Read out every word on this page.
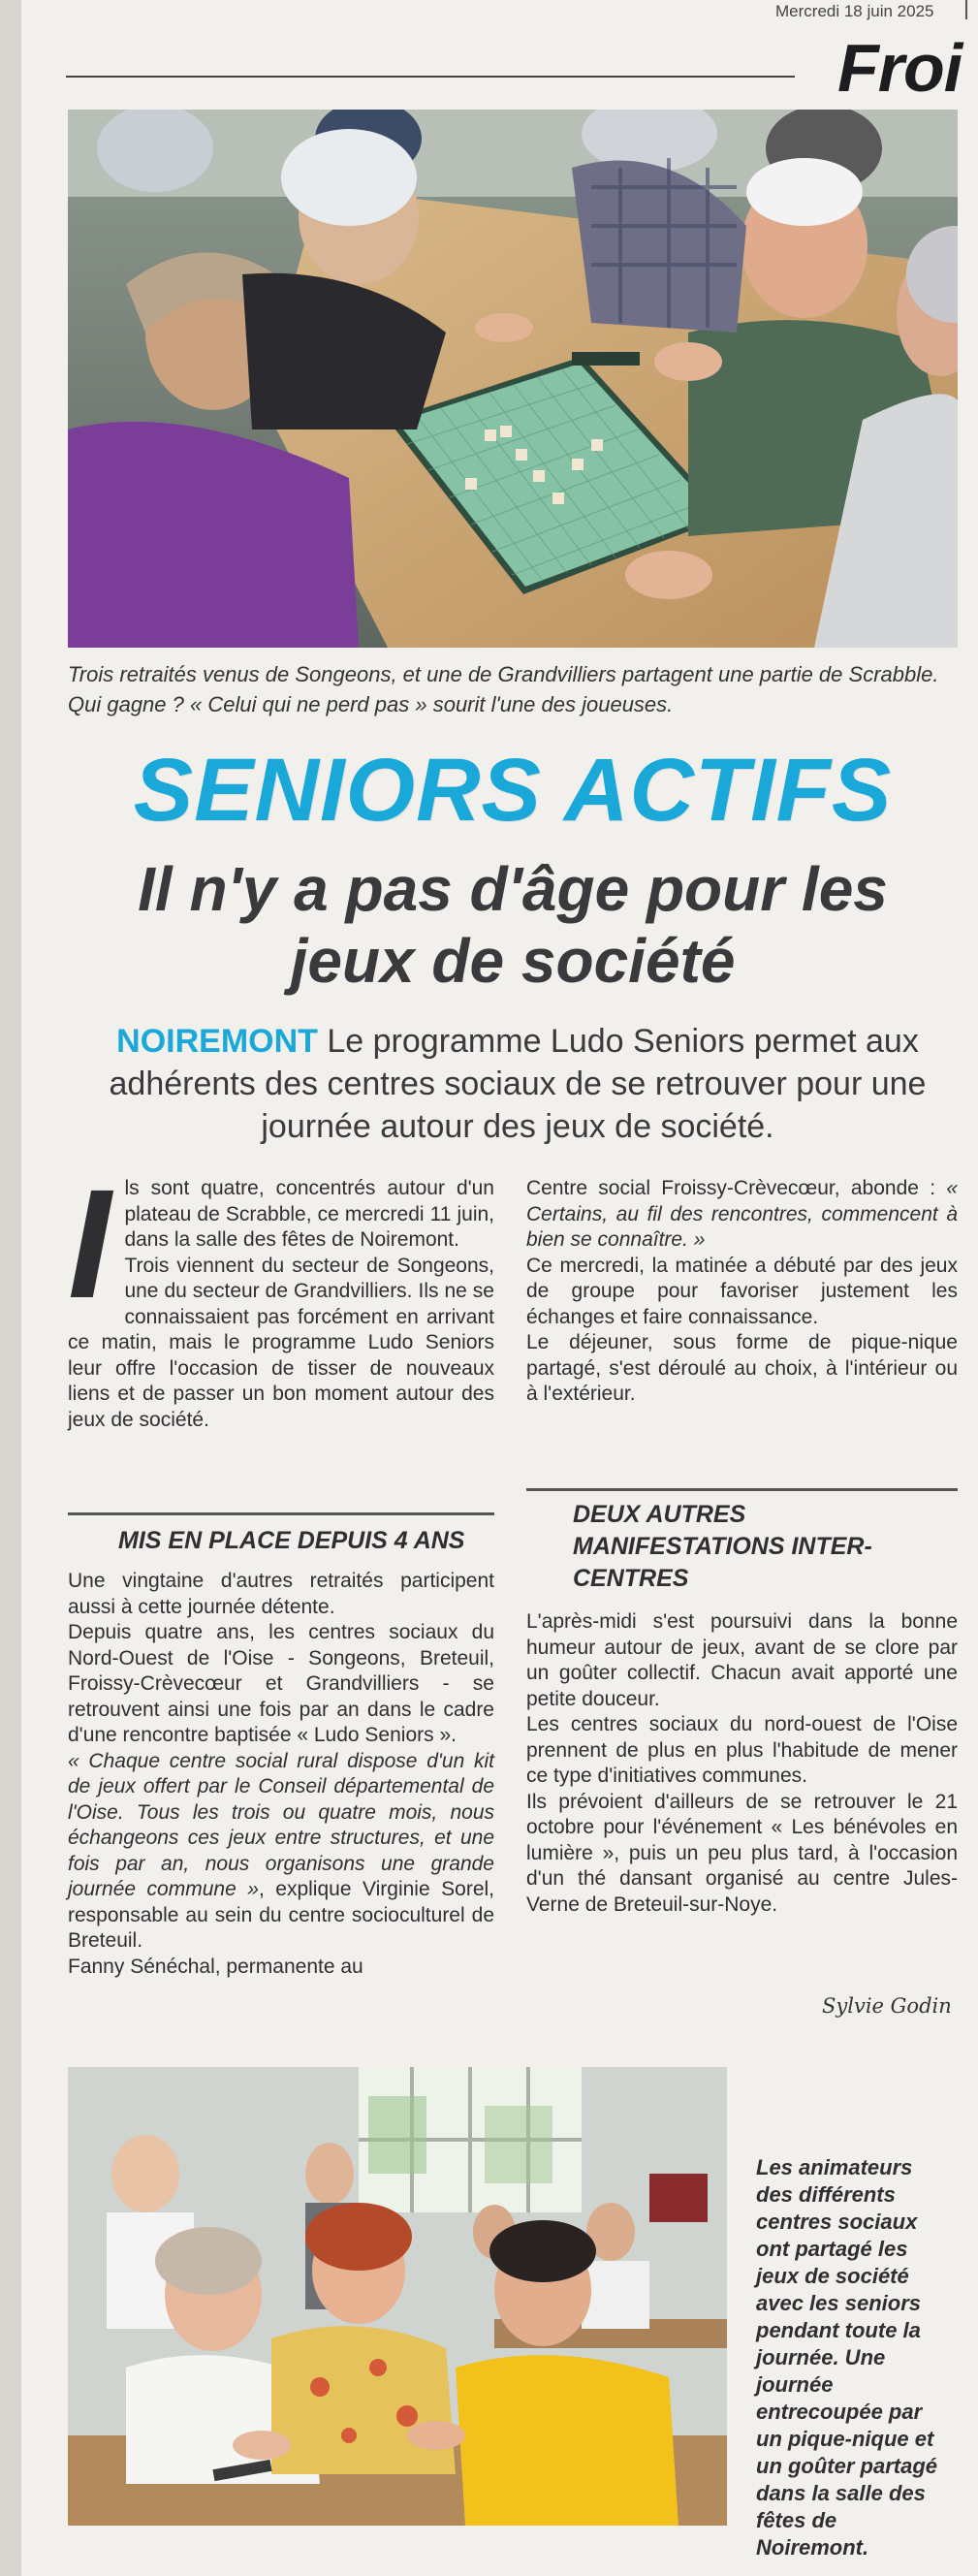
Mercredi 18 juin 2025
Froi
Trois retraités venus de Songeons, et une de Grandvilliers partagent une partie de Scrabble. Qui gagne ? « Celui qui ne perd pas » sourit l'une des joueuses.
SENIORS ACTIFS
Il n'y a pas d'âge pour les jeux de société
NOIREMONT Le programme Ludo Seniors permet aux adhérents des centres sociaux de se retrouver pour une journée autour des jeux de société.

Ils sont quatre, concentrés autour d'un plateau de Scrabble, ce mercredi 11 juin, dans la salle des fêtes de Noiremont.

Trois viennent du secteur de Songeons, une du secteur de Grandvilliers. Ils ne se connaissaient pas forcément en arrivant ce matin, mais le programme Ludo Seniors leur offre l'occasion de tisser de nouveaux liens et de passer un bon moment autour des jeux de société.

MIS EN PLACE DEPUIS 4 ANS

Une vingtaine d'autres retraités participent aussi à cette journée détente.

Depuis quatre ans, les centres sociaux du Nord-Ouest de l'Oise - Songeons, Breteuil, Froissy-Crèvecœur et Grandvilliers - se retrouvent ainsi une fois par an dans le cadre d'une rencontre baptisée « Ludo Seniors ».

« Chaque centre social rural dispose d'un kit de jeux offert par le Conseil départemental de l'Oise. Tous les trois ou quatre mois, nous échangeons ces jeux entre structures, et une fois par an, nous organisons une grande journée commune », explique Virginie Sorel, responsable au sein du centre socioculturel de Breteuil.

Fanny Sénéchal, permanente au

Centre social Froissy-Crèvecœur, abonde : « Certains, au fil des rencontres, commencent à bien se connaître. »

Ce mercredi, la matinée a débuté par des jeux de groupe pour favoriser justement les échanges et faire connaissance.

Le déjeuner, sous forme de pique-nique partagé, s'est déroulé au choix, à l'intérieur ou à l'extérieur.

DEUX AUTRES MANIFESTATIONS INTER-CENTRES

L'après-midi s'est poursuivi dans la bonne humeur autour de jeux, avant de se clore par un goûter collectif. Chacun avait apporté une petite douceur.

Les centres sociaux du nord-ouest de l'Oise prennent de plus en plus l'habitude de mener ce type d'initiatives communes.

Ils prévoient d'ailleurs de se retrouver le 21 octobre pour l'événement « Les bénévoles en lumière », puis un peu plus tard, à l'occasion d'un thé dansant organisé au centre Jules-Verne de Breteuil-sur-Noye.

Sylvie Godin
Les animateurs des différents centres sociaux ont partagé les jeux de société avec les seniors pendant toute la journée. Une journée entrecoupée par un pique-nique et un goûter partagé dans la salle des fêtes de Noiremont.
